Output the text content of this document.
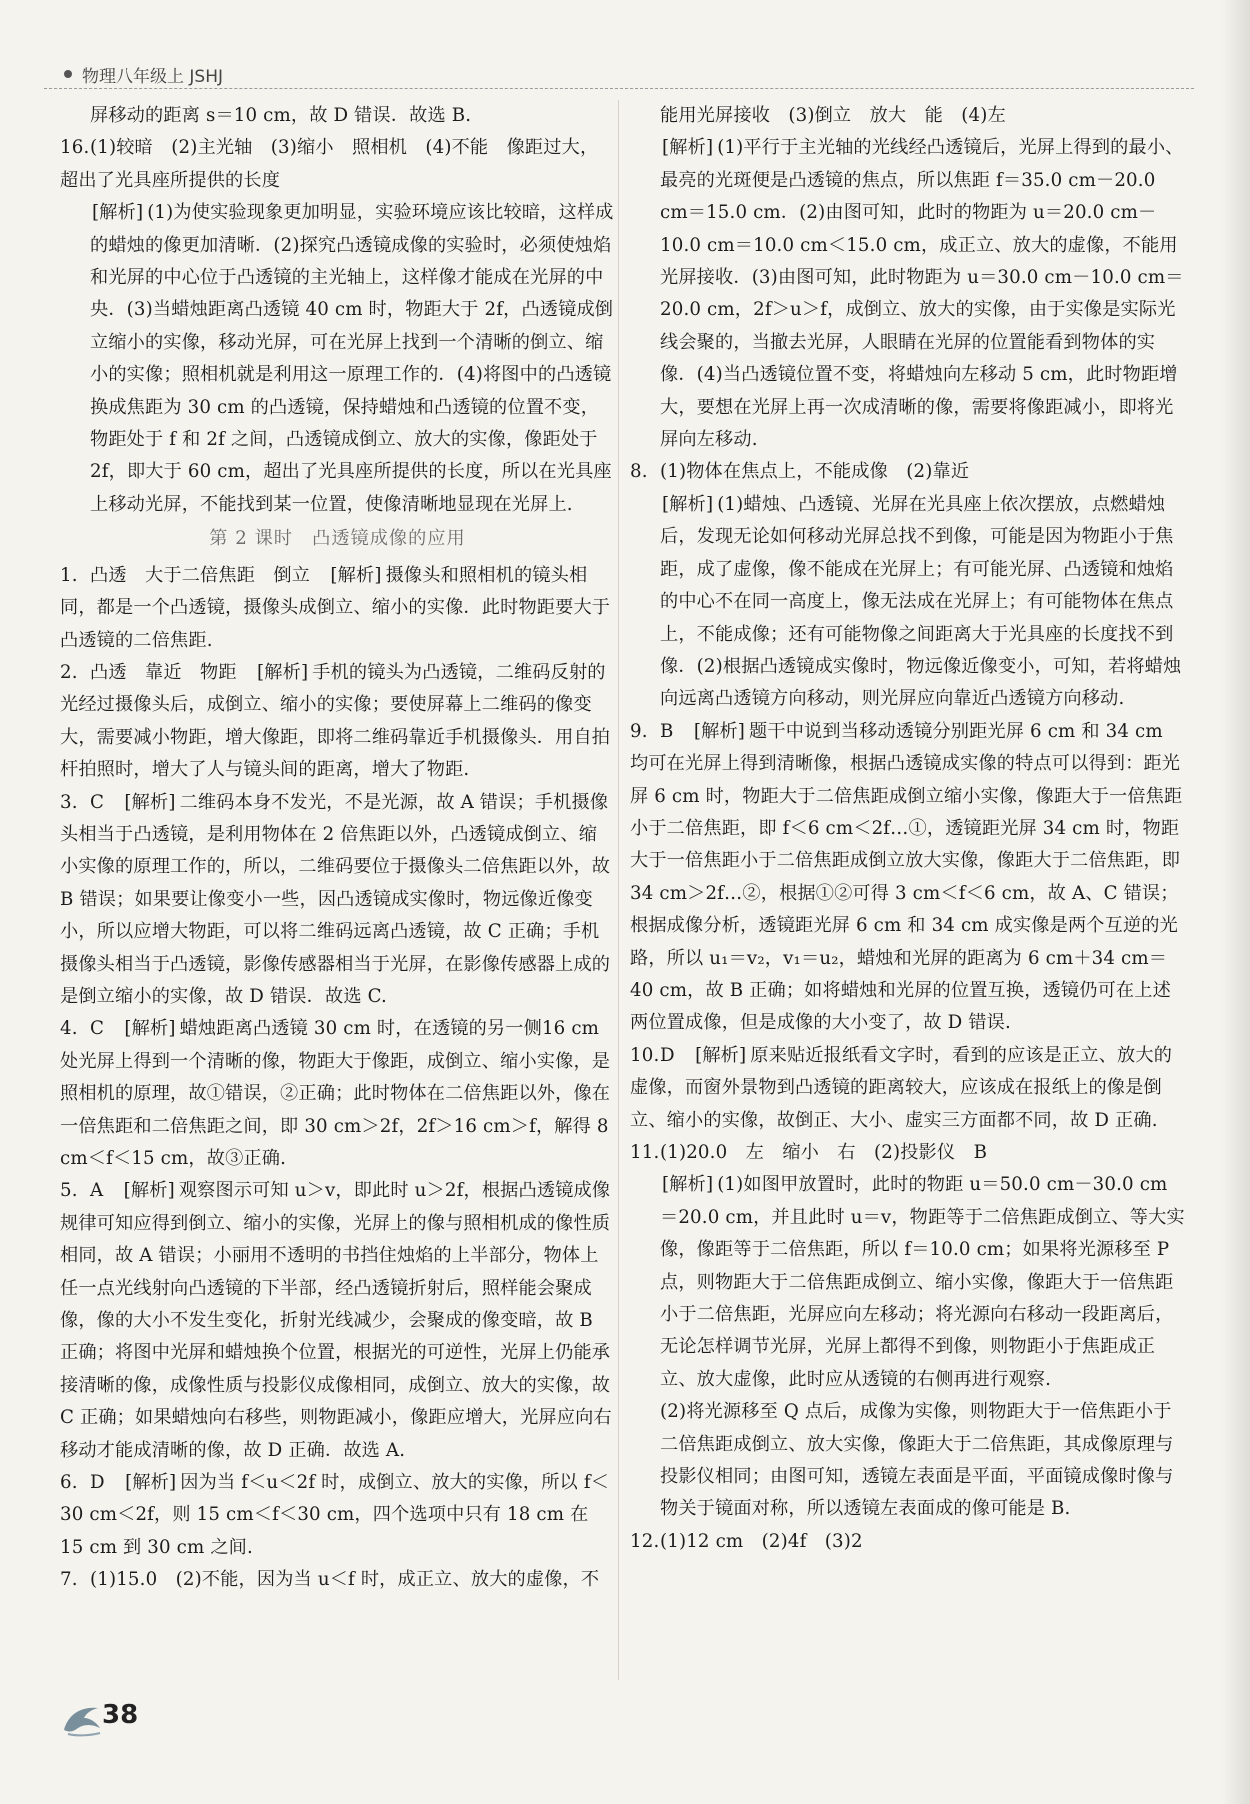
物理八年级上 JSHJ

屏移动的距离 s＝10 cm，故 D 错误．故选 B.

16.(1)较暗　(2)主光轴　(3)缩小　照相机　(4)不能　像距过大，超出了光具座所提供的长度

[ 解析 ] (1)为使实验现象更加明显，实验环境应该比较暗，这样成的蜡烛的像更加清晰．(2)探究凸透镜成像的实验时，必须使烛焰和光屏的中心位于凸透镜的主光轴上，这样像才能成在光屏的中央．(3)当蜡烛距离凸透镜 40 cm 时，物距大于 2f，凸透镜成倒立缩小的实像，移动光屏，可在光屏上找到一个清晰的倒立、缩小的实像；照相机就是利用这一原理工作的．(4)将图中的凸透镜换成焦距为 30 cm 的凸透镜，保持蜡烛和凸透镜的位置不变，物距处于 f 和 2f 之间，凸透镜成倒立、放大的实像，像距处于 2f，即大于 60 cm，超出了光具座所提供的长度，所以在光具座上移动光屏，不能找到某一位置，使像清晰地显现在光屏上.

第 2 课时　凸透镜成像的应用

1. 凸透　大于二倍焦距　倒立　[ 解析 ] 摄像头和照相机的镜头相同，都是一个凸透镜，摄像头成倒立、缩小的实像．此时物距要大于凸透镜的二倍焦距.

2. 凸透　靠近　物距　[ 解析 ] 手机的镜头为凸透镜，二维码反射的光经过摄像头后，成倒立、缩小的实像；要使屏幕上二维码的像变大，需要减小物距，增大像距，即将二维码靠近手机摄像头．用自拍杆拍照时，增大了人与镜头间的距离，增大了物距.

3. C　[ 解析 ] 二维码本身不发光，不是光源，故 A 错误；手机摄像头相当于凸透镜，是利用物体在 2 倍焦距以外，凸透镜成倒立、缩小实像的原理工作的，所以，二维码要位于摄像头二倍焦距以外，故 B 错误；如果要让像变小一些，因凸透镜成实像时，物远像近像变小，所以应增大物距，可以将二维码远离凸透镜，故 C 正确；手机摄像头相当于凸透镜，影像传感器相当于光屏，在影像传感器上成的是倒立缩小的实像，故 D 错误．故选 C.

4. C　[ 解析 ] 蜡烛距离凸透镜 30 cm 时，在透镜的另一侧16 cm 处光屏上得到一个清晰的像，物距大于像距，成倒立、缩小实像，是照相机的原理，故①错误，②正确；此时物体在二倍焦距以外，像在一倍焦距和二倍焦距之间，即 30 cm＞2f，2f＞16 cm＞f，解得 8 cm＜f＜15 cm，故③正确.

5. A　[ 解析 ] 观察图示可知 u＞v，即此时 u＞2f，根据凸透镜成像规律可知应得到倒立、缩小的实像，光屏上的像与照相机成的像性质相同，故 A 错误；小丽用不透明的书挡住烛焰的上半部分，物体上任一点光线射向凸透镜的下半部，经凸透镜折射后，照样能会聚成像，像的大小不发生变化，折射光线减少，会聚成的像变暗，故 B 正确；将图中光屏和蜡烛换个位置，根据光的可逆性，光屏上仍能承接清晰的像，成像性质与投影仪成像相同，成倒立、放大的实像，故 C 正确；如果蜡烛向右移些，则物距减小，像距应增大，光屏应向右移动才能成清晰的像，故 D 正确．故选 A.

6. D　[ 解析 ] 因为当 f＜u＜2f 时，成倒立、放大的实像，所以 f＜30 cm＜2f，则 15 cm＜f＜30 cm，四个选项中只有 18 cm 在 15 cm 到 30 cm 之间.

7. (1)15.0　(2)不能，因为当 u＜f 时，成正立、放大的虚像，不

能用光屏接收　(3)倒立　放大　能　(4)左

[ 解析 ] (1)平行于主光轴的光线经凸透镜后，光屏上得到的最小、最亮的光斑便是凸透镜的焦点，所以焦距 f＝35.0 cm－20.0 cm＝15.0 cm．(2)由图可知，此时的物距为 u＝20.0 cm－10.0 cm＝10.0 cm＜15.0 cm，成正立、放大的虚像，不能用光屏接收．(3)由图可知，此时物距为 u＝30.0 cm－10.0 cm＝20.0 cm，2f＞u＞f，成倒立、放大的实像，由于实像是实际光线会聚的，当撤去光屏，人眼睛在光屏的位置能看到物体的实像．(4)当凸透镜位置不变，将蜡烛向左移动 5 cm，此时物距增大，要想在光屏上再一次成清晰的像，需要将像距减小，即将光屏向左移动.

8. (1)物体在焦点上，不能成像　(2)靠近

[ 解析 ] (1)蜡烛、凸透镜、光屏在光具座上依次摆放，点燃蜡烛后，发现无论如何移动光屏总找不到像，可能是因为物距小于焦距，成了虚像，像不能成在光屏上；有可能光屏、凸透镜和烛焰的中心不在同一高度上，像无法成在光屏上；有可能物体在焦点上，不能成像；还有可能物像之间距离大于光具座的长度找不到像．(2)根据凸透镜成实像时，物远像近像变小，可知，若将蜡烛向远离凸透镜方向移动，则光屏应向靠近凸透镜方向移动.

9. B　[ 解析 ] 题干中说到当移动透镜分别距光屏 6 cm 和 34 cm 均可在光屏上得到清晰像，根据凸透镜成实像的特点可以得到：距光屏 6 cm 时，物距大于二倍焦距成倒立缩小实像，像距大于一倍焦距小于二倍焦距，即 f＜6 cm＜2f…①，透镜距光屏 34 cm 时，物距大于一倍焦距小于二倍焦距成倒立放大实像，像距大于二倍焦距，即 34 cm＞2f…②，根据①②可得 3 cm＜f＜6 cm，故 A、C 错误；根据成像分析，透镜距光屏 6 cm 和 34 cm 成实像是两个互逆的光路，所以 u₁＝v₂，v₁＝u₂，蜡烛和光屏的距离为 6 cm＋34 cm＝40 cm，故 B 正确；如将蜡烛和光屏的位置互换，透镜仍可在上述两位置成像，但是成像的大小变了，故 D 错误.

10.D　[ 解析 ] 原来贴近报纸看文字时，看到的应该是正立、放大的虚像，而窗外景物到凸透镜的距离较大，应该成在报纸上的像是倒立、缩小的实像，故倒正、大小、虚实三方面都不同，故 D 正确.

11.(1)20.0　左　缩小　右　(2)投影仪　B

[ 解析 ] (1)如图甲放置时，此时的物距 u＝50.0 cm－30.0 cm＝20.0 cm，并且此时 u＝v，物距等于二倍焦距成倒立、等大实像，像距等于二倍焦距，所以 f＝10.0 cm；如果将光源移至 P 点，则物距大于二倍焦距成倒立、缩小实像，像距大于一倍焦距小于二倍焦距，光屏应向左移动；将光源向右移动一段距离后，无论怎样调节光屏，光屏上都得不到像，则物距小于焦距成正立、放大虚像，此时应从透镜的右侧再进行观察.

(2)将光源移至 Q 点后，成像为实像，则物距大于一倍焦距小于二倍焦距成倒立、放大实像，像距大于二倍焦距，其成像原理与投影仪相同；由图可知，透镜左表面是平面，平面镜成像时像与物关于镜面对称，所以透镜左表面成的像可能是 B.

12.(1)12 cm　(2)4f　(3)2

38
